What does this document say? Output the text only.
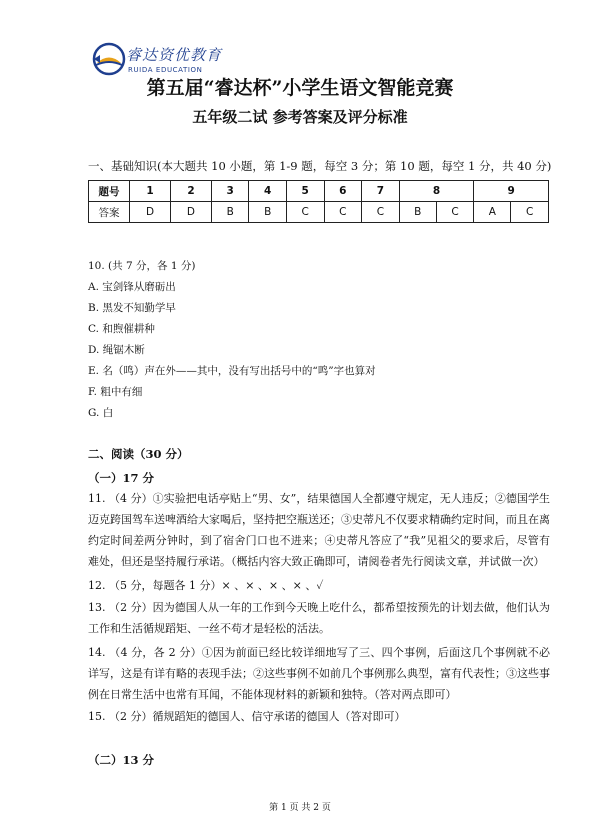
睿达资优教育
RUIDA EDUCATION
第五届“睿达杯”小学生语文智能竞赛
五年级二试 参考答案及评分标准
一、基础知识(本大题共 10 小题，第 1-9 题，每空 3 分；第 10 题，每空 1 分，共 40 分)
题号	1	2	3	4	5	6	7	8		9	
答案	D	D	B	B	C	C	C	B	C	A	C
10. (共 7 分，各 1 分)
A. 宝剑锋从磨砺出
B. 黑发不知勤学早
C. 和煦催耕种
D. 绳锯木断
E. 名（鸣）声在外——其中，没有写出括号中的“鸣”字也算对
F. 粗中有细
G. 白
二、阅读（30 分）
（一）17 分
11. （4 分）①实验把电话亭贴上“男、女”，结果德国人全都遵守规定，无人违反；②德国学生迈克跨国驾车送啤酒给大家喝后，坚持把空瓶送还；③史蒂凡不仅要求精确约定时间，而且在离约定时间差两分钟时，到了宿舍门口也不进来；④史蒂凡答应了“我”见祖父的要求后，尽管有难处，但还是坚持履行承诺。（概括内容大致正确即可，请阅卷者先行阅读文章，并试做一次）
12. （5 分，每题各 1 分）× 、× 、× 、× 、✓
13. （2 分）因为德国人从一年的工作到今天晚上吃什么，都希望按预先的计划去做，他们认为工作和生活循规蹈矩、一丝不苟才是轻松的活法。
14. （4 分，各 2 分）①因为前面已经比较详细地写了三、四个事例，后面这几个事例就不必详写，这是有详有略的表现手法；②这些事例不如前几个事例那么典型，富有代表性；③这些事例在日常生活中也常有耳闻，不能体现材料的新颖和独特。（答对两点即可）
15. （2 分）循规蹈矩的德国人、信守承诺的德国人（答对即可）
（二）13 分
第 1 页 共 2 页
